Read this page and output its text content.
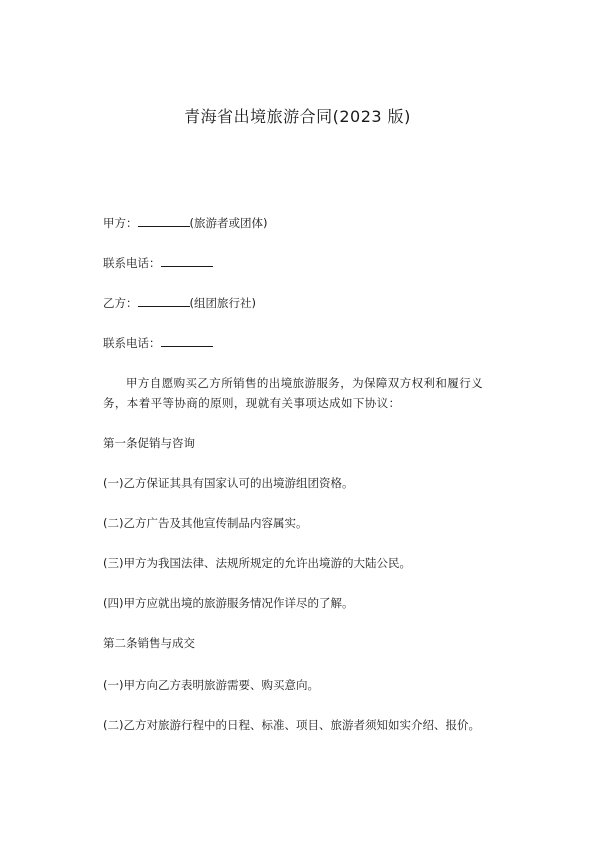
青海省出境旅游合同(2023 版)
甲方：	(旅游者或团体)
联系电话：
乙方：	(组团旅行社)
联系电话：
甲方自愿购买乙方所销售的出境旅游服务，为保障双方权利和履行义务，本着平等协商的原则，现就有关事项达成如下协议：
第一条促销与咨询
(一)乙方保证其具有国家认可的出境游组团资格。
(二)乙方广告及其他宣传制品内容属实。
(三)甲方为我国法律、法规所规定的允许出境游的大陆公民。
(四)甲方应就出境的旅游服务情况作详尽的了解。
第二条销售与成交
(一)甲方向乙方表明旅游需要、购买意向。
(二)乙方对旅游行程中的日程、标准、项目、旅游者须知如实介绍、报价。
